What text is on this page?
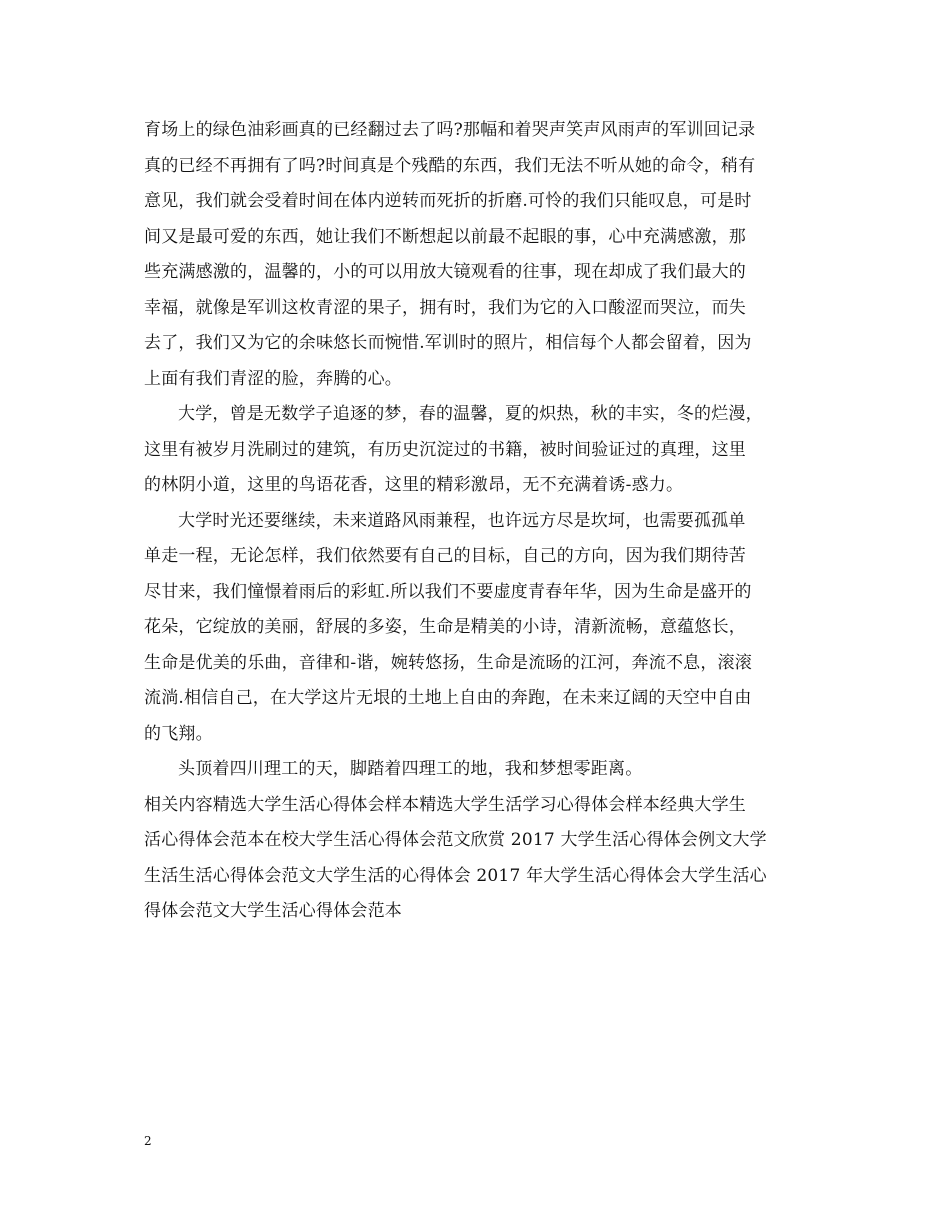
育场上的绿色油彩画真的已经翻过去了吗?那幅和着哭声笑声风雨声的军训回记录
真的已经不再拥有了吗?时间真是个残酷的东西，我们无法不听从她的命令，稍有
意见，我们就会受着时间在体内逆转而死折的折磨.可怜的我们只能叹息，可是时
间又是最可爱的东西，她让我们不断想起以前最不起眼的事，心中充满感激，那
些充满感激的，温馨的，小的可以用放大镜观看的往事，现在却成了我们最大的
幸福，就像是军训这枚青涩的果子，拥有时，我们为它的入口酸涩而哭泣，而失
去了，我们又为它的余味悠长而惋惜.军训时的照片，相信每个人都会留着，因为
上面有我们青涩的脸，奔腾的心。
大学，曾是无数学子追逐的梦，春的温馨，夏的炽热，秋的丰实，冬的烂漫，
这里有被岁月洗刷过的建筑，有历史沉淀过的书籍，被时间验证过的真理，这里
的林阴小道，这里的鸟语花香，这里的精彩激昂，无不充满着诱-惑力。
大学时光还要继续，未来道路风雨兼程，也许远方尽是坎坷，也需要孤孤单
单走一程，无论怎样，我们依然要有自己的目标，自己的方向，因为我们期待苦
尽甘来，我们憧憬着雨后的彩虹.所以我们不要虚度青春年华，因为生命是盛开的
花朵，它绽放的美丽，舒展的多姿，生命是精美的小诗，清新流畅，意蕴悠长，
生命是优美的乐曲，音律和-谐，婉转悠扬，生命是流旸的江河，奔流不息，滚滚
流淌.相信自己，在大学这片无垠的土地上自由的奔跑，在未来辽阔的天空中自由
的飞翔。
头顶着四川理工的天，脚踏着四理工的地，我和梦想零距离。
相关内容精选大学生活心得体会样本精选大学生活学习心得体会样本经典大学生
活心得体会范本在校大学生活心得体会范文欣赏 2017 大学生活心得体会例文大学
生活生活心得体会范文大学生活的心得体会 2017 年大学生活心得体会大学生活心
得体会范文大学生活心得体会范本
2
